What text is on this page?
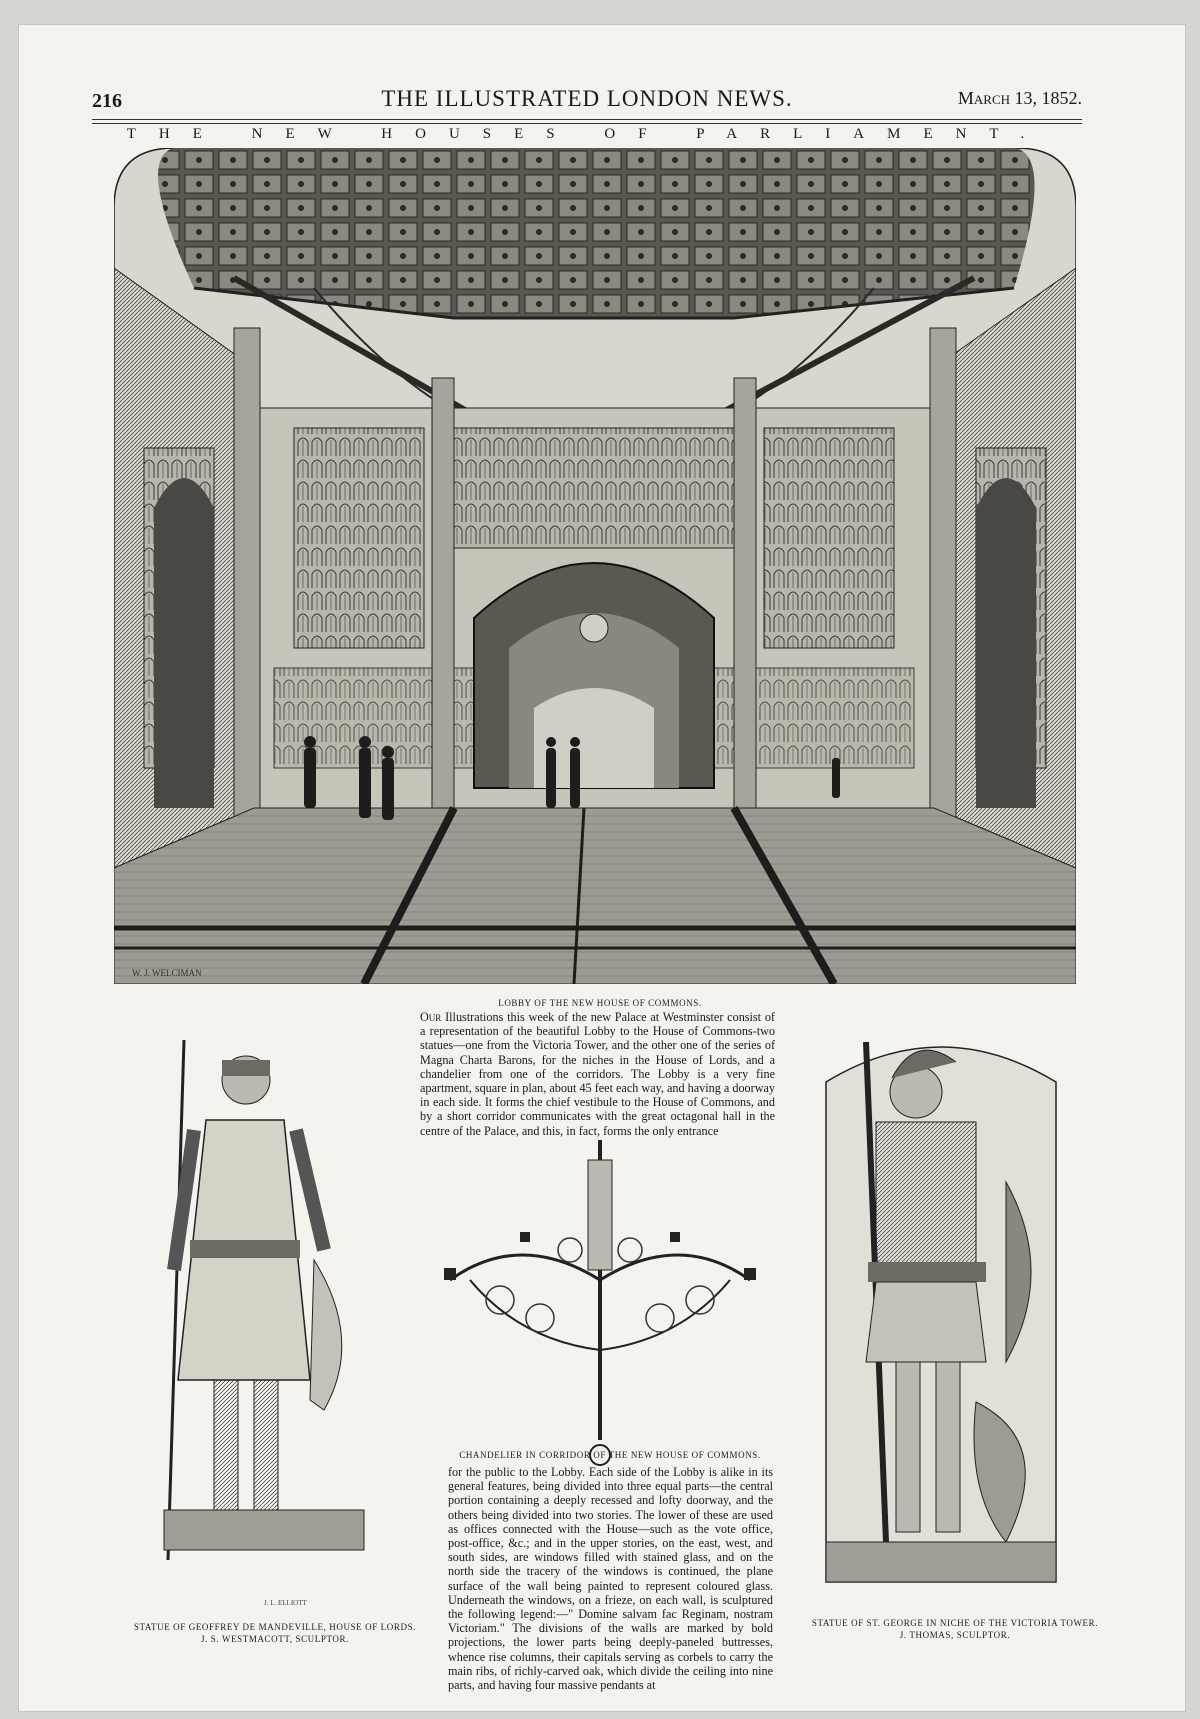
216	THE ILLUSTRATED LONDON NEWS.	March 13, 1852.
THE NEW HOUSES OF PARLIAMENT.
W. J. WELCIMAN
LOBBY OF THE NEW HOUSE OF COMMONS.
Our Illustrations this week of the new Palace at Westminster consist of a representation of the beautiful Lobby to the House of Commons-two statues—one from the Victoria Tower, and the other one of the series of Magna Charta Barons, for the niches in the House of Lords, and a chandelier from one of the corridors. The Lobby is a very fine apartment, square in plan, about 45 feet each way, and having a doorway in each side. It forms the chief vestibule to the House of Commons, and by a short corridor communicates with the great octagonal hall in the centre of the Palace, and this, in fact, forms the only entrance
J. L. ELLIOTT
STATUE OF GEOFFREY DE MANDEVILLE, HOUSE OF LORDS.
J. S. WESTMACOTT, SCULPTOR.
CHANDELIER IN CORRIDOR OF THE NEW HOUSE OF COMMONS.
for the public to the Lobby. Each side of the Lobby is alike in its general features, being divided into three equal parts—the central portion containing a deeply recessed and lofty doorway, and the others being divided into two stories. The lower of these are used as offices connected with the House—such as the vote office, post-office, &c.; and in the upper stories, on the east, west, and south sides, are windows filled with stained glass, and on the north side the tracery of the windows is continued, the plane surface of the wall being painted to represent coloured glass. Underneath the windows, on a frieze, on each wall, is sculptured the following legend:—" Domine salvam fac Reginam, nostram Victoriam." The divisions of the walls are marked by bold projections, the lower parts being deeply-paneled buttresses, whence rise columns, their capitals serving as corbels to carry the main ribs, of richly-carved oak, which divide the ceiling into nine parts, and having four massive pendants at
STATUE OF ST. GEORGE IN NICHE OF THE VICTORIA TOWER.
J. THOMAS, SCULPTOR.
